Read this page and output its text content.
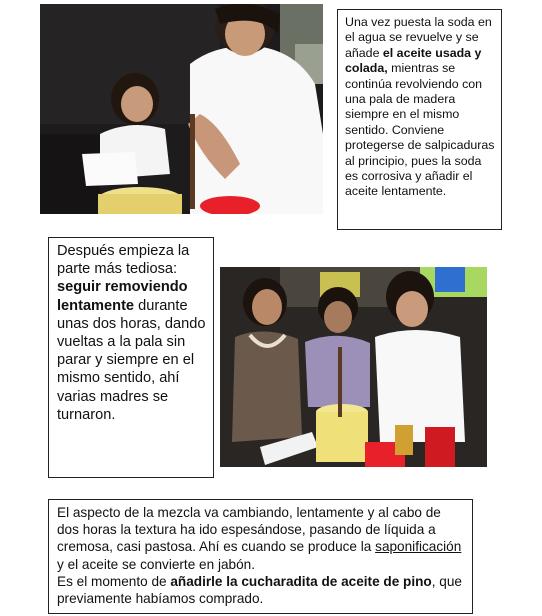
Una vez puesta la soda en el agua se revuelve y se añade el aceite usada y colada, mientras se continúa revolviendo con una pala de madera siempre en el mismo sentido. Conviene protegerse de salpicaduras al principio, pues la soda es corrosiva y añadir el aceite lentamente.

Después empieza la parte más tediosa: seguir removiendo lentamente durante unas dos horas, dando vueltas a la pala sin parar y siempre en el mismo sentido, ahí varias madres se turnaron.

El aspecto de la mezcla va cambiando, lentamente y al cabo de dos horas la textura ha ido espesándose, pasando de líquida a cremosa, casi pastosa. Ahí es cuando se produce la saponificación y el aceite se convierte en jabón.
Es el momento de añadirle la cucharadita de aceite de pino, que previamente habíamos comprado.
